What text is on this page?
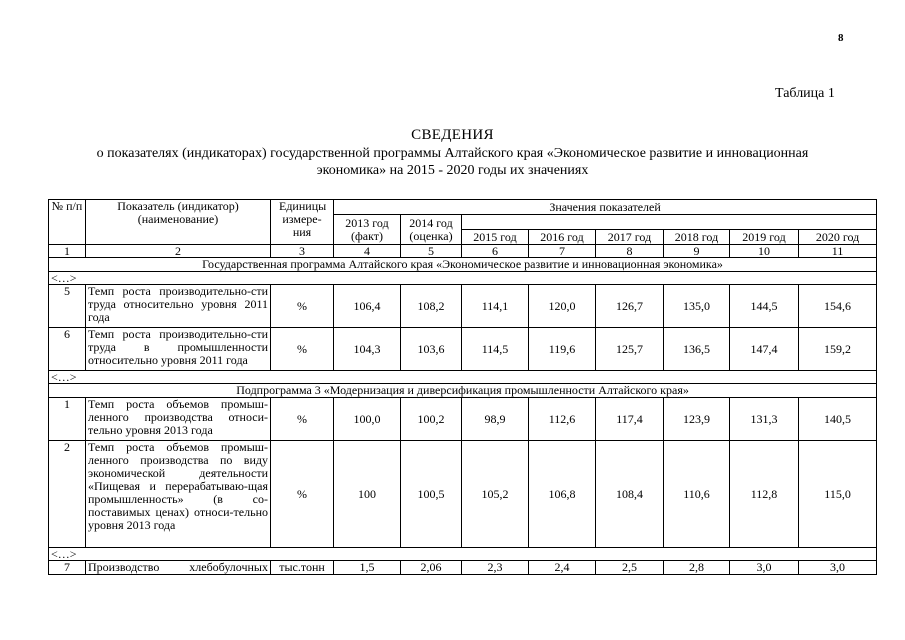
8
Таблица 1
СВЕДЕНИЯ
о показателях (индикаторах) государственной программы Алтайского края «Экономическое развитие и инновационная
экономика» на 2015 - 2020 годы их значениях
№ п/п	Показатель (индикатор) (наименование)	Единицы измере-ния	Значения показателей							
			2013 год (факт)	2014 год (оценка)						
					2015 год	2016 год	2017 год	2018 год	2019 год	2020 год
1	2	3	4	5	6	7	8	9	10	11
Государственная программа Алтайского края «Экономическое развитие и инновационная экономика»										
<…>										
5	Темп роста производительно-сти труда относительно уровня 2011 года	%	106,4	108,2	114,1	120,0	126,7	135,0	144,5	154,6
6	Темп роста производительно-сти труда в промышленности относительно уровня 2011 года	%	104,3	103,6	114,5	119,6	125,7	136,5	147,4	159,2
<…>										
Подпрограмма 3 «Модернизация и диверсификация промышленности Алтайского края»										
1	Темп роста объемов промыш-ленного производства относи-тельно уровня 2013 года	%	100,0	100,2	98,9	112,6	117,4	123,9	131,3	140,5
2	Темп роста объемов промыш-ленного производства по виду экономической деятельности «Пищевая и перерабатываю-щая промышленность» (в со-поставимых ценах) относи-тельно уровня 2013 года	%	100	100,5	105,2	106,8	108,4	110,6	112,8	115,0
<…>										
7	Производство хлебобулочных	тыс.тонн	1,5	2,06	2,3	2,4	2,5	2,8	3,0	3,0
